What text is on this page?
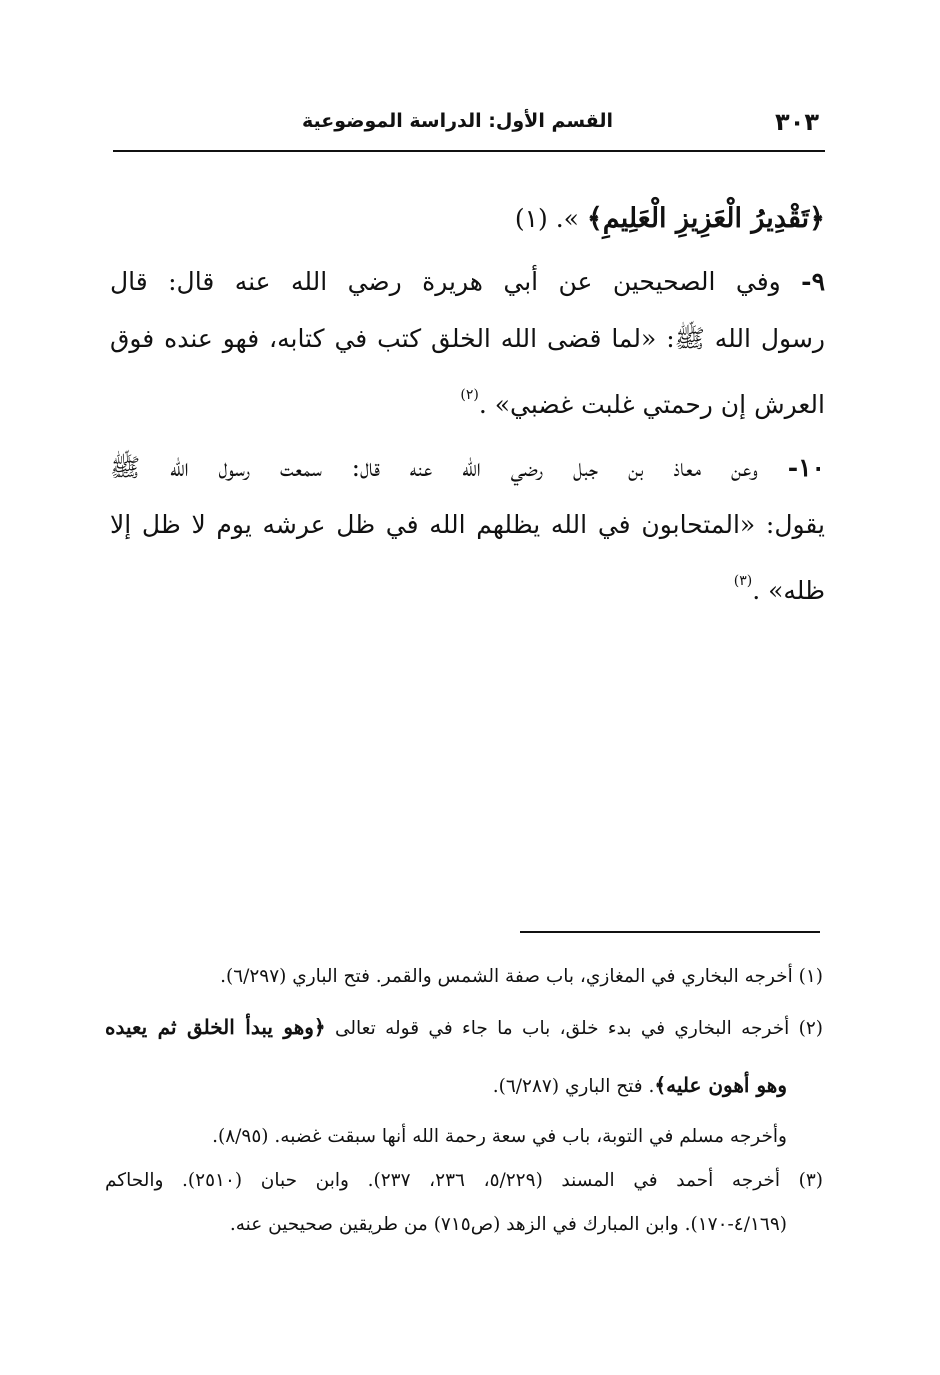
٣٠٣
القسم الأول: الدراسة الموضوعية
﴿تَقْدِيرُ الْعَزِيزِ الْعَلِيمِ﴾ ». (١)
٩- وفي الصحيحين عن أبي هريرة رضي الله عنه قال: قال
رسول الله ﷺ: «لما قضى الله الخلق كتب في كتابه، فهو عنده فوق
العرش إن رحمتي غلبت غضبي» .$^{(٢)}$
١٠- وعن معاذ بن جبل رضي الله عنه قال: سمعت رسول الله ﷺ
يقول: «المتحابون في الله يظلهم الله في ظل عرشه يوم لا ظل إلا
ظله» .$^{(٣)}$
(١) أخرجه البخاري في المغازي، باب صفة الشمس والقمر. فتح الباري (٦/٢٩٧).
(٢) أخرجه البخاري في بدء خلق، باب ما جاء في قوله تعالى ﴿وهو يبدأ الخلق ثم يعيده
وهو أهون عليه﴾. فتح الباري (٦/٢٨٧).
وأخرجه مسلم في التوبة، باب في سعة رحمة الله أنها سبقت غضبه. (٨/٩٥).
(٣) أخرجه أحمد في المسند (٥/٢٢٩، ٢٣٦، ٢٣٧). وابن حبان (٢٥١٠). والحاكم
(٤/١٦٩-١٧٠). وابن المبارك في الزهد (ص٧١٥) من طريقين صحيحين عنه.
